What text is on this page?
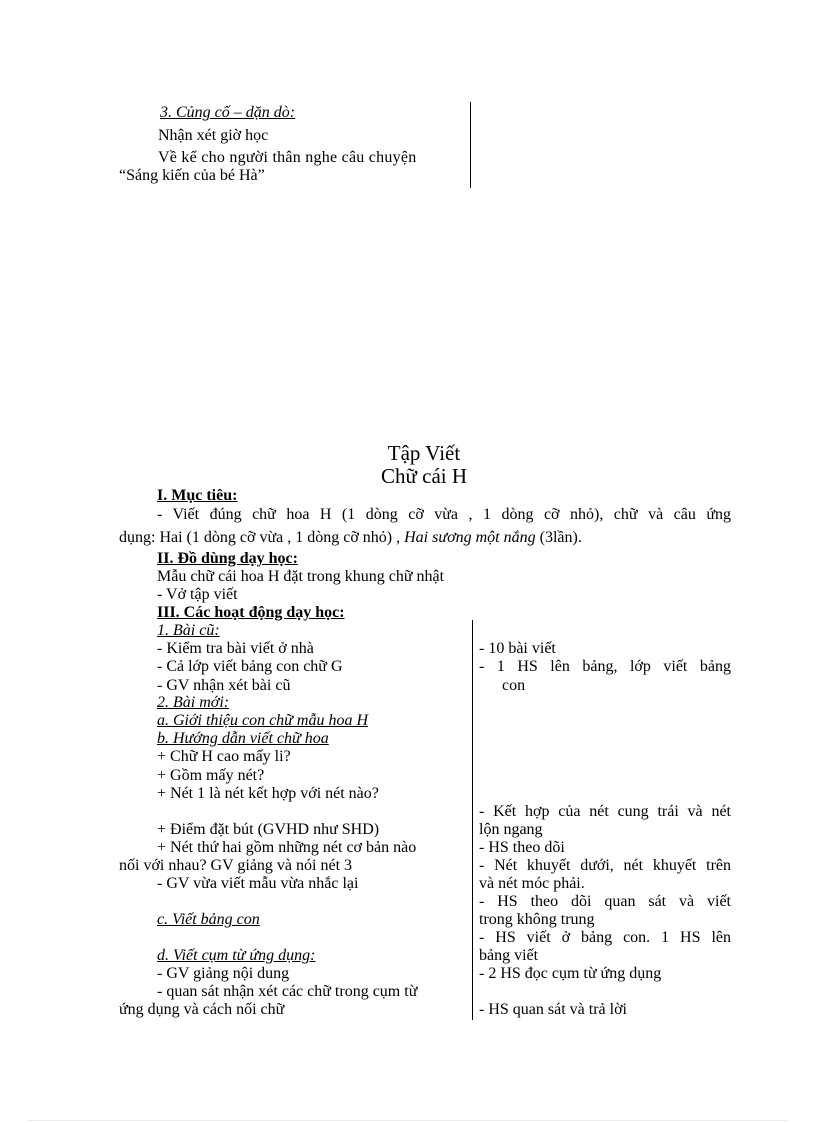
3. Củng cố – dặn dò:
Nhận xét giờ học
Về kể cho người thân nghe câu chuyện
“Sáng kiến của bé Hà”
Tập Viết
Chữ cái H
I. Mục tiêu:
- Viết đúng chữ hoa H (1 dòng cỡ vừa , 1 dòng cỡ nhỏ), chữ và câu ứng
dụng: Hai (1 dòng cỡ vừa , 1 dòng cỡ nhỏ) , Hai sương một nắng (3lần).
II. Đồ dùng dạy học:
Mẫu chữ cái hoa H đặt trong khung chữ nhật
- Vở tập viết
III. Các hoạt động dạy học:
1. Bài cũ:
- Kiểm tra bài viết ở nhà
- Cả lớp viết bảng con chữ G
- GV nhận xét bài cũ
2. Bài mới:
a. Giới thiệu con chữ mẫu hoa H
b. Hướng dẫn viết chữ hoa
+ Chữ H cao mấy li?
+ Gồm mấy nét?
+ Nét 1 là nét kết hợp với nét nào?
+ Điểm đặt bút (GVHD như SHD)
+ Nét thứ hai gồm những nét cơ bản nào
nối với nhau? GV giảng và nói nét 3
- GV vừa viết mẫu vừa nhắc lại
c. Viết bảng con
d. Viết cụm từ ứng dụng:
- GV giảng nội dung
- quan sát nhận xét các chữ trong cụm từ
ứng dụng và cách nối chữ
- 10 bài viết
- 1 HS lên bảng, lớp viết bảng
con
- Kết hợp của nét cung trái và nét
lộn ngang
- HS theo dõi
- Nét khuyết dưới, nét khuyết trên
và nét móc phải.
- HS theo dõi quan sát và viết
trong không trung
- HS viết ở bảng con. 1 HS lên
bảng viết
- 2 HS đọc cụm từ ứng dụng
- HS quan sát và trả lời
